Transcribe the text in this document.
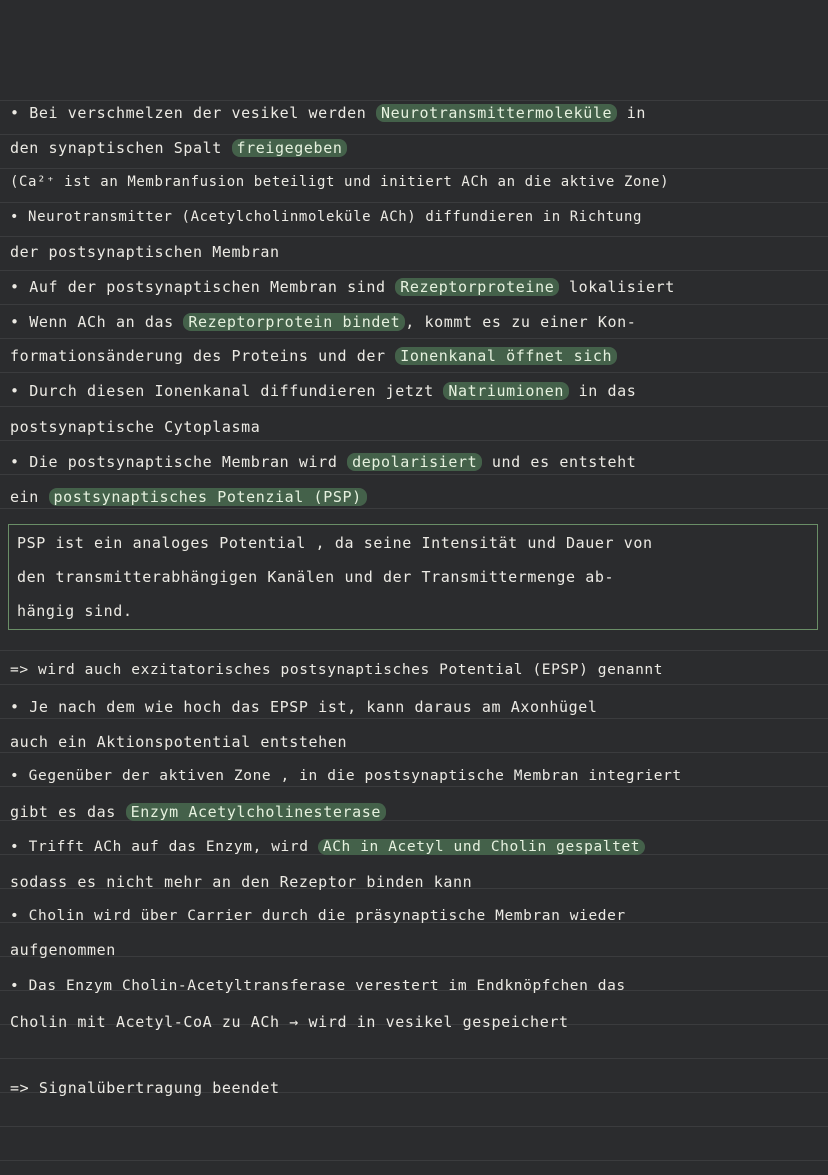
• Bei verschmelzen der vesikel werden Neurotransmittermoleküle in
den synaptischen Spalt freigegeben
(Ca²⁺ ist an Membranfusion beteiligt und initiert ACh an die aktive Zone)
• Neurotransmitter (Acetylcholinmoleküle ACh) diffundieren in Richtung
der postsynaptischen Membran
• Auf der postsynaptischen Membran sind Rezeptorproteine lokalisiert
• Wenn ACh an das Rezeptorprotein bindet , kommt es zu einer Kon-
formationsänderung des Proteins und der Ionenkanal öffnet sich
• Durch diesen Ionenkanal diffundieren jetzt Natriumionen in das
postsynaptische Cytoplasma
• Die postsynaptische Membran wird depolarisiert und es entsteht
ein postsynaptisches Potenzial (PSP)
PSP ist ein analoges Potential , da seine Intensität und Dauer von
den transmitterabhängigen Kanälen und der Transmittermenge ab-
hängig sind.
=> wird auch exzitatorisches postsynaptisches Potential (EPSP) genannt
• Je nach dem wie hoch das EPSP ist, kann daraus am Axonhügel
auch ein Aktionspotential entstehen
• Gegenüber der aktiven Zone , in die postsynaptische Membran integriert
gibt es das Enzym Acetylcholinesterase
• Trifft ACh auf das Enzym, wird ACh in Acetyl und Cholin gespaltet
sodass es nicht mehr an den Rezeptor binden kann
• Cholin wird über Carrier durch die präsynaptische Membran wieder
aufgenommen
• Das Enzym Cholin-Acetyltransferase verestert im Endknöpfchen das
Cholin mit Acetyl-CoA zu ACh → wird in vesikel gespeichert
=> Signalübertragung beendet
